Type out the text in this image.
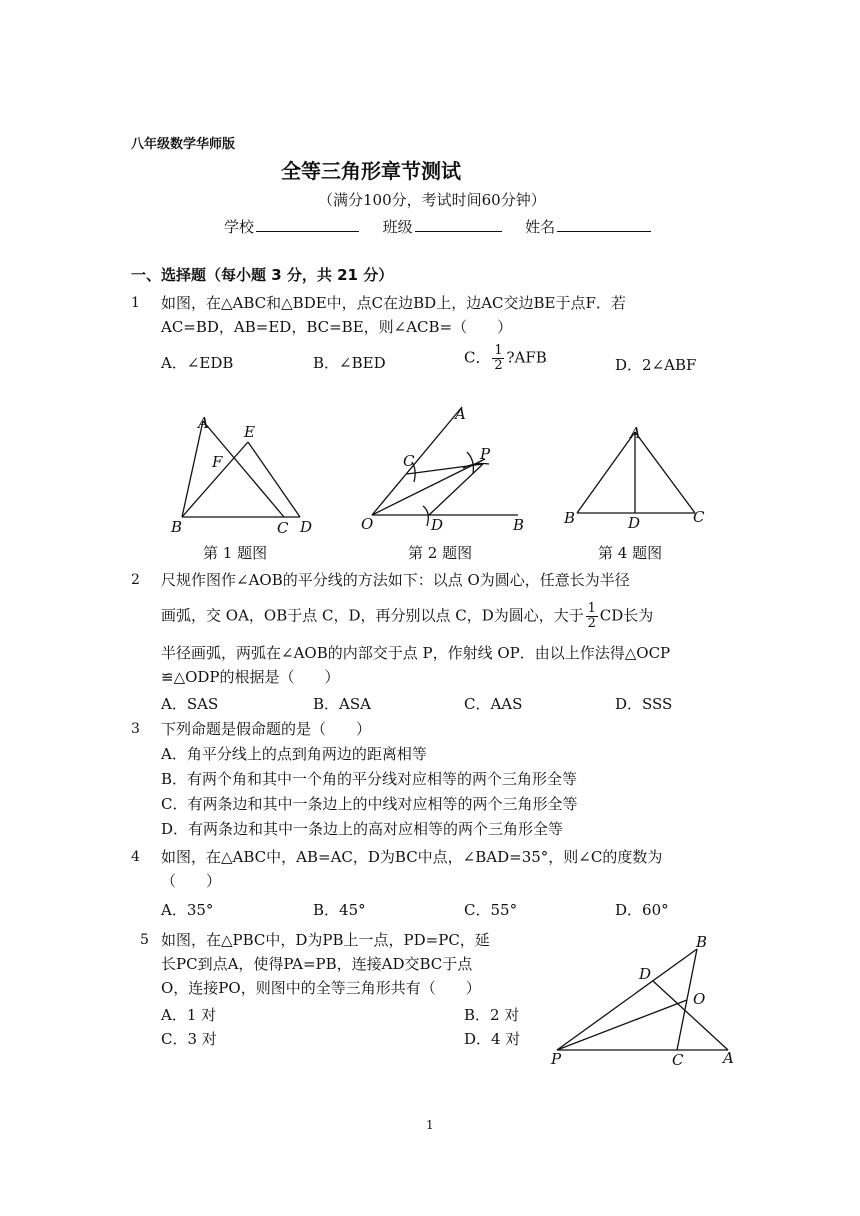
八年级数学华师版
全等三角形章节测试
（满分100分，考试时间60分钟）
学校	班级	姓名
一、选择题（每小题 3 分，共 21 分）
1 如图，在△ABC和△BDE中，点C在边BD上，边AC交边BE于点F．若
AC=BD，AB=ED，BC=BE，则∠ACB=（　　）
A．∠EDB	B．∠BED	C． $\frac{1}{2}$ ?AFB	D．2∠ABF
A E
F
B	C D
第 1 题图
A
C	P
O	D	B
第 2 题图
A
B	D	C
第 4 题图
2 尺规作图作∠AOB的平分线的方法如下：以点 O为圆心，任意长为半径
画弧，交 OA，OB于点 C，D，再分别以点 C，D为圆心，大于 $\frac{1}{2}$ CD长为
半径画弧，两弧在∠AOB的内部交于点 P，作射线 OP．由以上作法得△OCP
≌△ODP的根据是（　　）
A．SAS	B．ASA	C．AAS	D．SSS
3 下列命题是假命题的是（　　）
A．角平分线上的点到角两边的距离相等
B．有两个角和其中一个角的平分线对应相等的两个三角形全等
C．有两条边和其中一条边上的中线对应相等的两个三角形全等
D．有两条边和其中一条边上的高对应相等的两个三角形全等
4 如图，在△ABC中，AB=AC，D为BC中点，∠BAD=35°，则∠C的度数为
（　　）
A．35°	B．45°	C．55°	D．60°
5 如图，在△PBC中，D为PB上一点，PD=PC，延
长PC到点A，使得PA=PB，连接AD交BC于点
O，连接PO，则图中的全等三角形共有（　　）
A．1 对	B．2 对
C．3 对	D．4 对
B
D
O
P	C	A
1
